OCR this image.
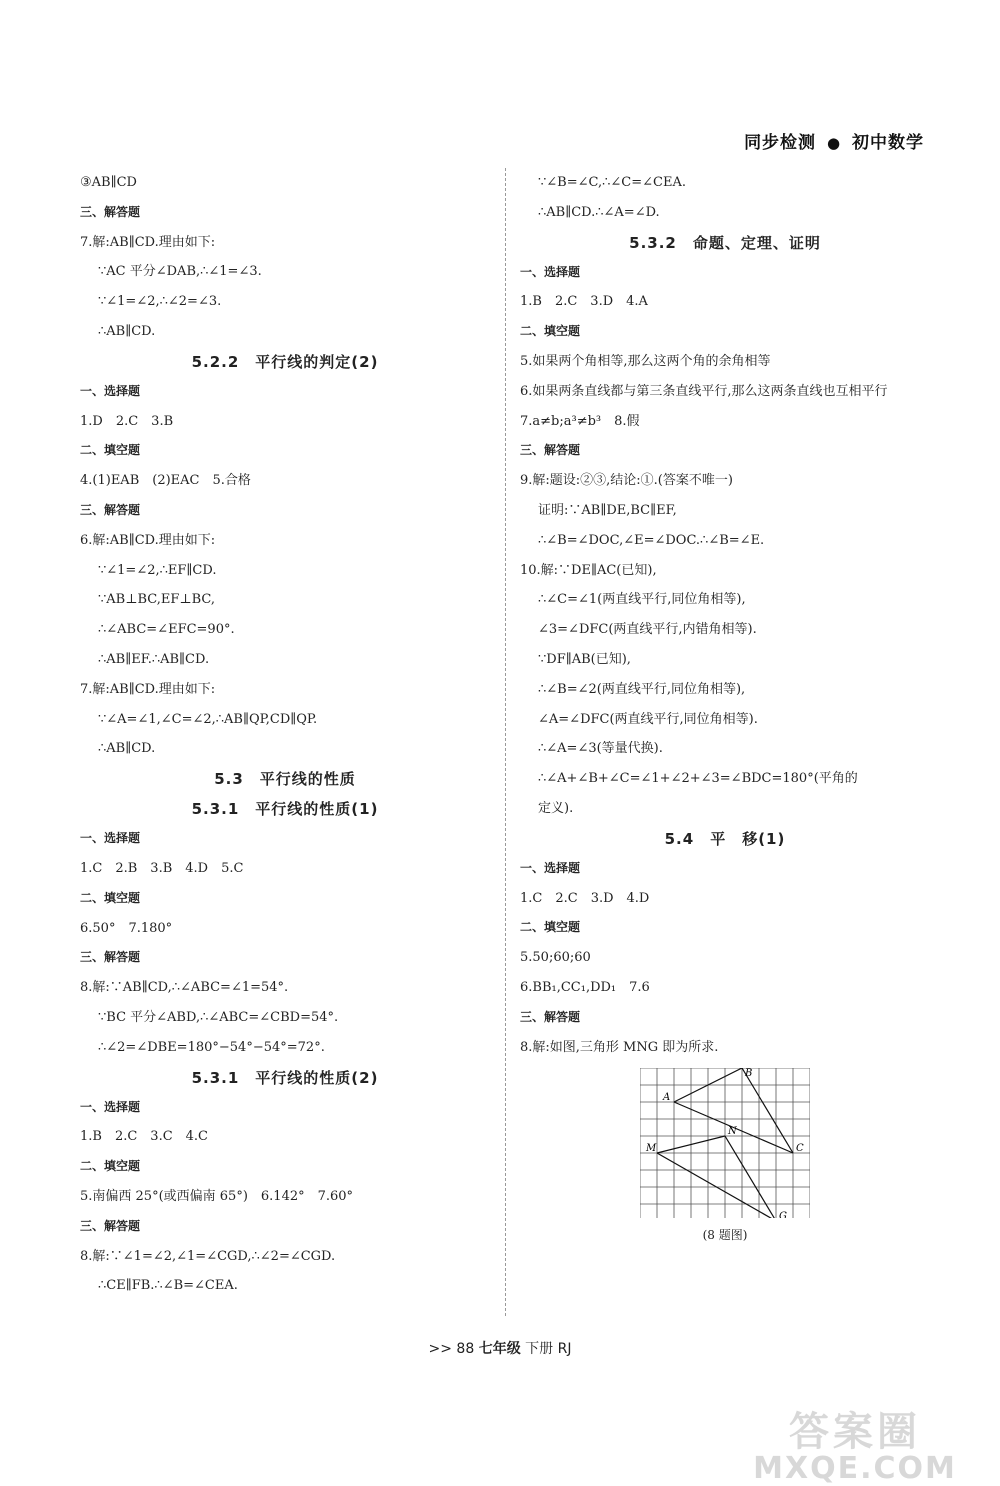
同步检测 ● 初中数学
③AB∥CD
三、解答题
7.解:AB∥CD.理由如下:
∵AC 平分∠DAB,∴∠1=∠3.
∵∠1=∠2,∴∠2=∠3.
∴AB∥CD.
5.2.2　平行线的判定(2)
一、选择题
1.D　2.C　3.B
二、填空题
4.(1)EAB　(2)EAC　5.合格
三、解答题
6.解:AB∥CD.理由如下:
∵∠1=∠2,∴EF∥CD.
∵AB⊥BC,EF⊥BC,
∴∠ABC=∠EFC=90°.
∴AB∥EF.∴AB∥CD.
7.解:AB∥CD.理由如下:
∵∠A=∠1,∠C=∠2,∴AB∥QP,CD∥QP.
∴AB∥CD.
5.3　平行线的性质
5.3.1　平行线的性质(1)
一、选择题
1.C　2.B　3.B　4.D　5.C
二、填空题
6.50°　7.180°
三、解答题
8.解:∵AB∥CD,∴∠ABC=∠1=54°.
∵BC 平分∠ABD,∴∠ABC=∠CBD=54°.
∴∠2=∠DBE=180°−54°−54°=72°.
5.3.1　平行线的性质(2)
一、选择题
1.B　2.C　3.C　4.C
二、填空题
5.南偏西 25°(或西偏南 65°)　6.142°　7.60°
三、解答题
8.解:∵∠1=∠2,∠1=∠CGD,∴∠2=∠CGD.
∴CE∥FB.∴∠B=∠CEA.
∵∠B=∠C,∴∠C=∠CEA.
∴AB∥CD.∴∠A=∠D.
5.3.2　命题、定理、证明
一、选择题
1.B　2.C　3.D　4.A
二、填空题
5.如果两个角相等,那么这两个角的余角相等
6.如果两条直线都与第三条直线平行,那么这两条直线也互相平行
7.a≠b;a³≠b³　8.假
三、解答题
9.解:题设:②③,结论:①.(答案不唯一)
证明:∵AB∥DE,BC∥EF,
∴∠B=∠DOC,∠E=∠DOC.∴∠B=∠E.
10.解:∵DE∥AC(已知),
∴∠C=∠1(两直线平行,同位角相等),
∠3=∠DFC(两直线平行,内错角相等).
∵DF∥AB(已知),
∴∠B=∠2(两直线平行,同位角相等),
∠A=∠DFC(两直线平行,同位角相等).
∴∠A=∠3(等量代换).
∴∠A+∠B+∠C=∠1+∠2+∠3=∠BDC=180°(平角的
定义).
5.4　平　移(1)
一、选择题
1.C　2.C　3.D　4.D
二、填空题
5.50;60;60
6.BB₁,CC₁,DD₁　7.6
三、解答题
8.解:如图,三角形 MNG 即为所求.
A
B
N
M	C
G
(8 题图)
>> 88 七年级 下册 RJ
答案圈
MXQE.COM
